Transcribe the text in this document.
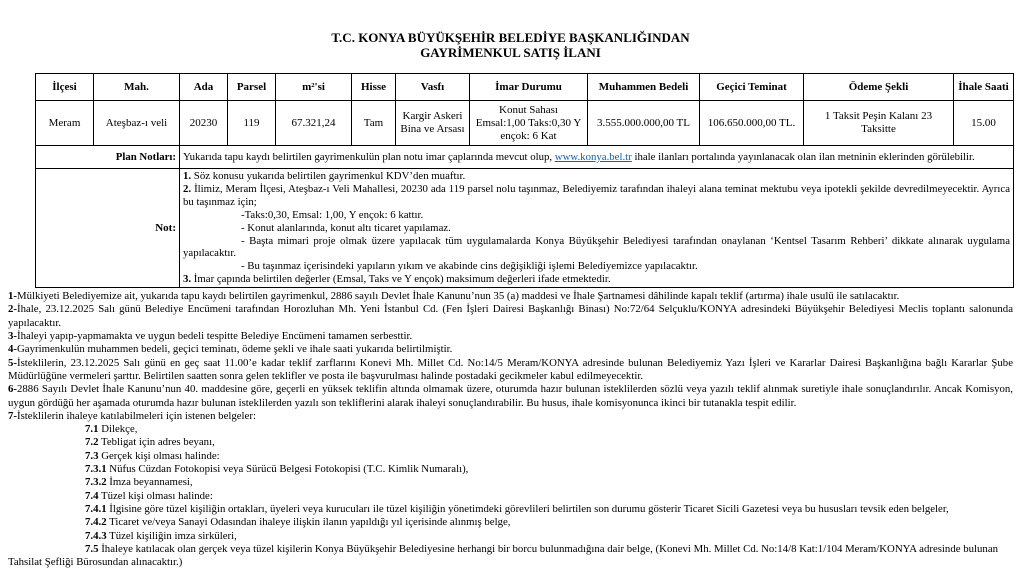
T.C. KONYA BÜYÜKŞEHİR BELEDİYE BAŞKANLIĞINDAN
GAYRİMENKUL SATIŞ İLANI
İlçesi	Mah.	Ada	Parsel	m²'si	Hisse	Vasfı	İmar Durumu	Muhammen Bedeli	Geçici Teminat	Ödeme Şekli	İhale Saati
Meram	Ateşbaz-ı veli	20230	119	67.321,24	Tam	Kargir Askeri Bina ve Arsası	Konut Sahası Emsal:1,00 Taks:0,30 Y ençok: 6 Kat	3.555.000.000,00 TL	106.650.000,00 TL.	1 Taksit Peşin Kalanı 23 Taksitte	15.00
Plan Notları:		Yukarıda tapu kaydı belirtilen gayrimenkulün plan notu imar çaplarında mevcut olup, www.konya.bel.tr ihale ilanları portalında yayınlanacak olan ilan metninin eklerinden görülebilir.									
Not:	
1. Söz konusu yukarıda belirtilen gayrimenkul KDV’den muaftır.
2. İlimiz, Meram İlçesi, Ateşbaz-ı Veli Mahallesi, 20230 ada 119 parsel nolu taşınmaz, Belediyemiz tarafından ihaleyi alana teminat mektubu veya ipotekli şekilde devredilmeyecektir. Ayrıca bu taşınmaz için;
-Taks:0,30, Emsal: 1,00, Y ençok: 6 kattır.
- Konut alanlarında, konut altı ticaret yapılamaz.
- Başta mimari proje olmak üzere yapılacak tüm uygulamalarda Konya Büyükşehir Belediyesi tarafından onaylanan ‘Kentsel Tasarım Rehberi’ dikkate alınarak uygulama yapılacaktır.
- Bu taşınmaz içerisindeki yapıların yıkım ve akabinde cins değişikliği işlemi Belediyemizce yapılacaktır.
3. İmar çapında belirtilen değerler (Emsal, Taks ve Y ençok) maksimum değerleri ifade etmektedir.

1-Mülkiyeti Belediyemize ait, yukarıda tapu kaydı belirtilen gayrimenkul, 2886 sayılı Devlet İhale Kanunu’nun 35 (a) maddesi ve İhale Şartnamesi dâhilinde kapalı teklif (artırma) ihale usulü ile satılacaktır.

2-İhale, 23.12.2025 Salı günü Belediye Encümeni tarafından Horozluhan Mh. Yeni İstanbul Cd. (Fen İşleri Dairesi Başkanlığı Binası) No:72/64 Selçuklu/KONYA adresindeki Büyükşehir Belediyesi Meclis toplantı salonunda yapılacaktır.

3-İhaleyi yapıp-yapmamakta ve uygun bedeli tespitte Belediye Encümeni tamamen serbesttir.

4-Gayrimenkulün muhammen bedeli, geçici teminatı, ödeme şekli ve ihale saati yukarıda belirtilmiştir.

5-İsteklilerin, 23.12.2025 Salı günü en geç saat 11.00’e kadar teklif zarflarını Konevi Mh. Millet Cd. No:14/5 Meram/KONYA adresinde bulunan Belediyemiz Yazı İşleri ve Kararlar Dairesi Başkanlığına bağlı Kararlar Şube Müdürlüğüne vermeleri şarttır. Belirtilen saatten sonra gelen teklifler ve posta ile başvurulması halinde postadaki gecikmeler kabul edilmeyecektir.

6-2886 Sayılı Devlet İhale Kanunu’nun 40. maddesine göre, geçerli en yüksek teklifin altında olmamak üzere, oturumda hazır bulunan isteklilerden sözlü veya yazılı teklif alınmak suretiyle ihale sonuçlandırılır. Ancak Komisyon, uygun gördüğü her aşamada oturumda hazır bulunan isteklilerden yazılı son tekliflerini alarak ihaleyi sonuçlandırabilir. Bu husus, ihale komisyonunca ikinci bir tutanakla tespit edilir.

7-İsteklilerin ihaleye katılabilmeleri için istenen belgeler:

7.1 Dilekçe,

7.2 Tebligat için adres beyanı,

7.3 Gerçek kişi olması halinde:

7.3.1 Nüfus Cüzdan Fotokopisi veya Sürücü Belgesi Fotokopisi (T.C. Kimlik Numaralı),

7.3.2 İmza beyannamesi,

7.4 Tüzel kişi olması halinde:

7.4.1 İlgisine göre tüzel kişiliğin ortakları, üyeleri veya kurucuları ile tüzel kişiliğin yönetimdeki görevlileri belirtilen son durumu gösterir Ticaret Sicili Gazetesi veya bu hususları tevsik eden belgeler,

7.4.2 Ticaret ve/veya Sanayi Odasından ihaleye ilişkin ilanın yapıldığı yıl içerisinde alınmış belge,

7.4.3 Tüzel kişiliğin imza sirküleri,

7.5 İhaleye katılacak olan gerçek veya tüzel kişilerin Konya Büyükşehir Belediyesine herhangi bir borcu bulunmadığına dair belge, (Konevi Mh. Millet Cd. No:14/8 Kat:1/104 Meram/KONYA adresinde bulunan Tahsilat Şefliği Bürosundan alınacaktır.)
